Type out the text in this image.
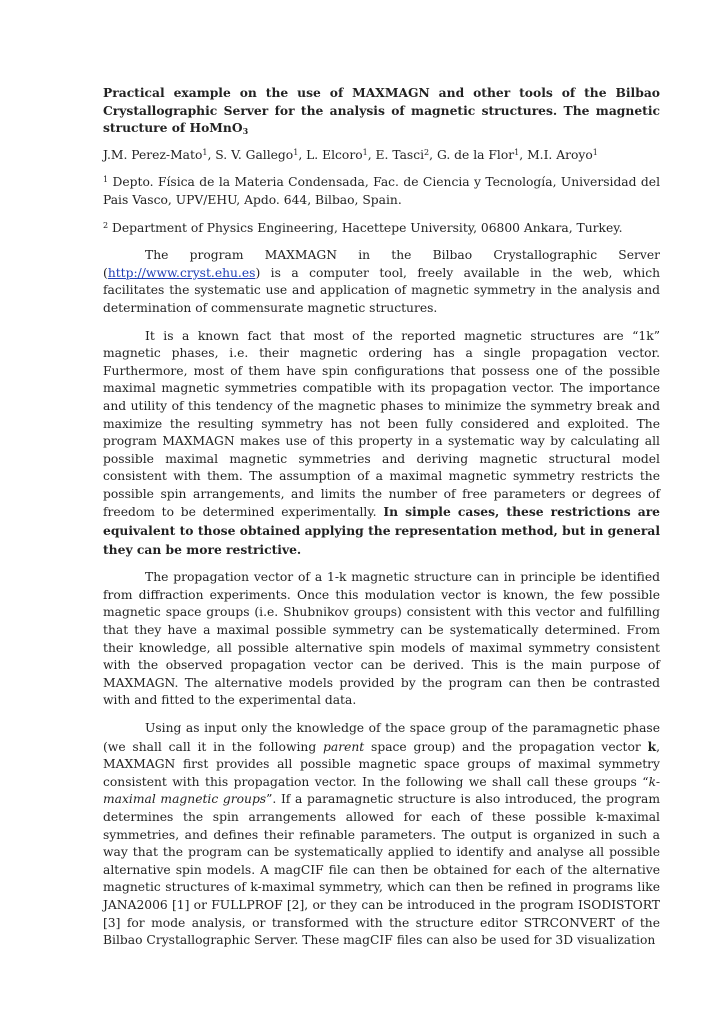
Practical example on the use of MAXMAGN and other tools of the Bilbao Crystallographic Server for the analysis of magnetic structures. The magnetic structure of HoMnO$_3$
J.M. Perez-Mato$^1$, S. V. Gallego$^1$, L. Elcoro$^1$, E. Tasci$^2$, G. de la Flor$^1$, M.I. Aroyo$^1$
$^1$ Depto. Física de la Materia Condensada, Fac. de Ciencia y Tecnología, Universidad del Pais Vasco, UPV/EHU, Apdo. 644, Bilbao, Spain.
$^2$ Department of Physics Engineering, Hacettepe University, 06800 Ankara, Turkey.

The program MAXMAGN in the Bilbao Crystallographic Server (http://www.cryst.ehu.es) is a computer tool, freely available in the web, which facilitates the systematic use and application of magnetic symmetry in the analysis and determination of commensurate magnetic structures.

It is a known fact that most of the reported magnetic structures are “1k” magnetic phases, i.e. their magnetic ordering has a single propagation vector. Furthermore, most of them have spin configurations that possess one of the possible maximal magnetic symmetries compatible with its propagation vector. The importance and utility of this tendency of the magnetic phases to minimize the symmetry break and maximize the resulting symmetry has not been fully considered and exploited. The program MAXMAGN makes use of this property in a systematic way by calculating all possible maximal magnetic symmetries and deriving magnetic structural model consistent with them. The assumption of a maximal magnetic symmetry restricts the possible spin arrangements, and limits the number of free parameters or degrees of freedom to be determined experimentally. In simple cases, these restrictions are equivalent to those obtained applying the representation method, but in general they can be more restrictive.

The propagation vector of a 1-k magnetic structure can in principle be identified from diffraction experiments. Once this modulation vector is known, the few possible magnetic space groups (i.e. Shubnikov groups) consistent with this vector and fulfilling that they have a maximal possible symmetry can be systematically determined. From their knowledge, all possible alternative spin models of maximal symmetry consistent with the observed propagation vector can be derived. This is the main purpose of MAXMAGN. The alternative models provided by the program can then be contrasted with and fitted to the experimental data.

Using as input only the knowledge of the space group of the paramagnetic phase (we shall call it in the following parent space group) and the propagation vector k, MAXMAGN first provides all possible magnetic space groups of maximal symmetry consistent with this propagation vector. In the following we shall call these groups “k-maximal magnetic groups”. If a paramagnetic structure is also introduced, the program determines the spin arrangements allowed for each of these possible k-maximal symmetries, and defines their refinable parameters. The output is organized in such a way that the program can be systematically applied to identify and analyse all possible alternative spin models. A magCIF file can then be obtained for each of the alternative magnetic structures of k-maximal symmetry, which can then be refined in programs like JANA2006 [1] or FULLPROF [2], or they can be introduced in the program ISODISTORT [3] for mode analysis, or transformed with the structure editor STRCONVERT of the Bilbao Crystallographic Server. These magCIF files can also be used for 3D visualization
